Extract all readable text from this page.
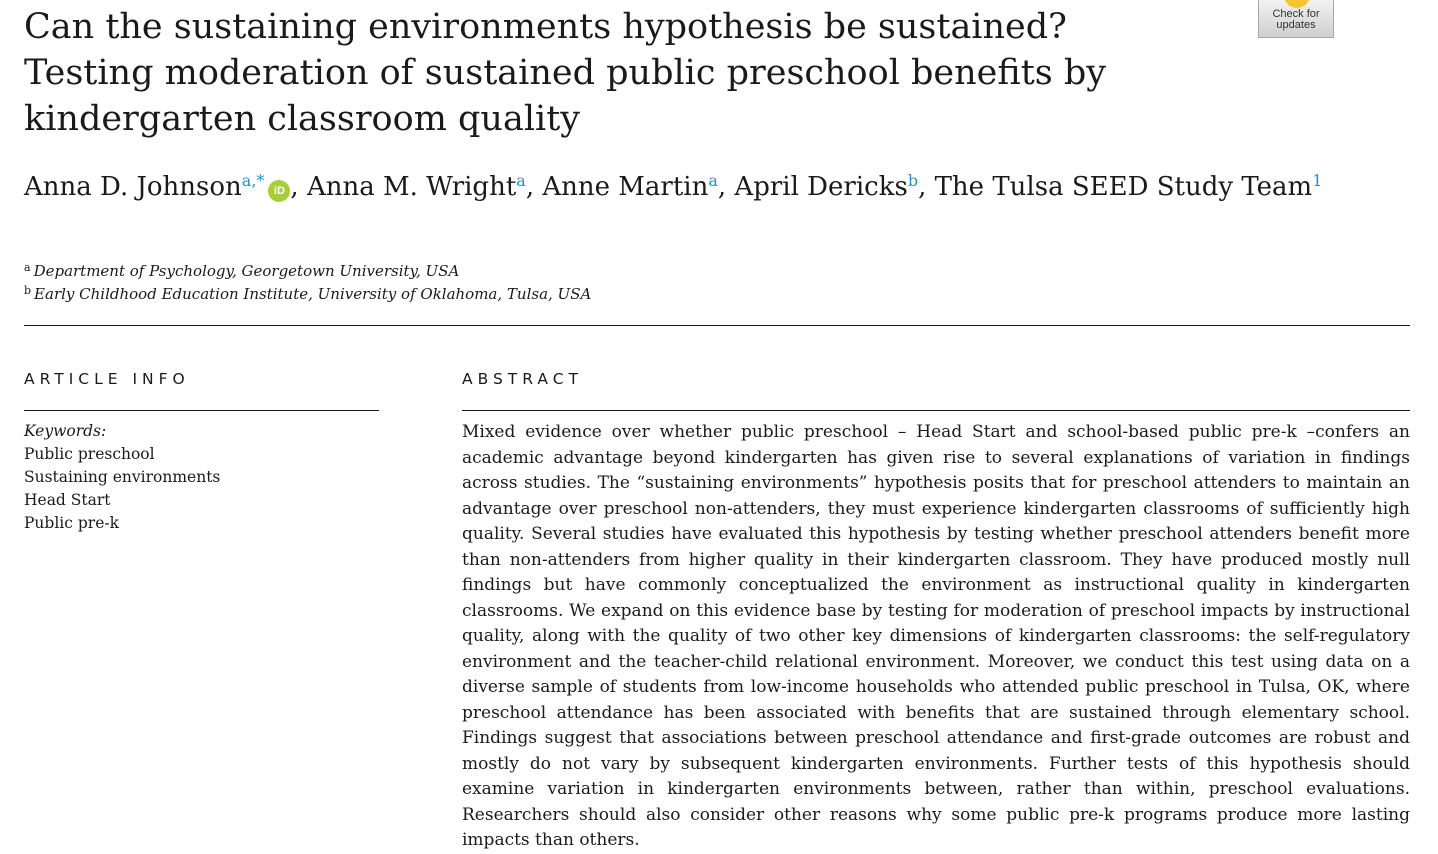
Can the sustaining environments hypothesis be sustained? Testing moderation of sustained public preschool benefits by kindergarten classroom quality
Check for
updates
Anna D. Johnson$^{a,*}$iD , Anna M. Wright$^a$, Anne Martin$^a$, April Dericks$^b$, The Tulsa SEED Study Team$^1$
$^a$ Department of Psychology, Georgetown University, USA
$^b$ Early Childhood Education Institute, University of Oklahoma, Tulsa, USA
ARTICLE INFO	ABSTRACT
Keywords:
Public preschool
Sustaining environments
Head Start
Public pre-k

Mixed evidence over whether public preschool – Head Start and school-based public pre-k –confers an academic advantage beyond kindergarten has given rise to several explanations of variation in findings across studies. The “sustaining environments” hypothesis posits that for preschool attenders to maintain an advantage over preschool non-attenders, they must experience kindergarten classrooms of sufficiently high quality. Several studies have evaluated this hypothesis by testing whether preschool attenders benefit more than non-attenders from higher quality in their kindergarten classroom. They have produced mostly null findings but have commonly conceptualized the environment as instructional quality in kindergarten classrooms. We expand on this evidence base by testing for moderation of preschool impacts by instructional quality, along with the quality of two other key dimensions of kindergarten classrooms: the self-regulatory environment and the teacher-child relational environment. Moreover, we conduct this test using data on a diverse sample of students from low-income households who attended public preschool in Tulsa, OK, where preschool attendance has been associated with benefits that are sustained through elementary school. Findings suggest that associations between preschool attendance and first-grade outcomes are robust and mostly do not vary by subsequent kindergarten environments. Further tests of this hypothesis should examine variation in kindergarten environments between, rather than within, preschool evaluations. Researchers should also consider other reasons why some public pre-k programs produce more lasting impacts than others.
